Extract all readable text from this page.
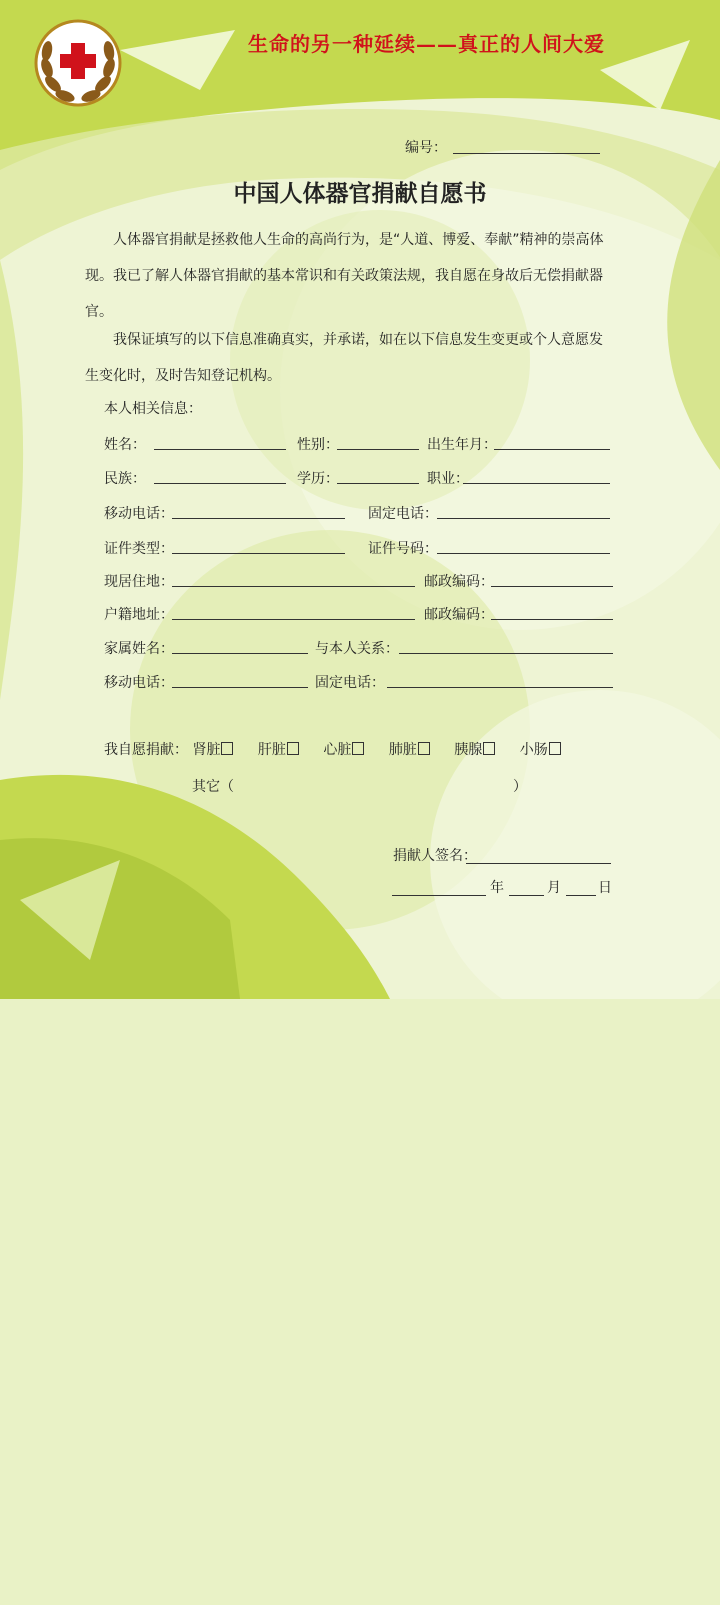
生命的另一种延续——真正的人间大爱
编号：
中国人体器官捐献自愿书
人体器官捐献是拯救他人生命的高尚行为，是“人道、博爱、奉献”精神的崇高体现。我已了解人体器官捐献的基本常识和有关政策法规，我自愿在身故后无偿捐献器官。
我保证填写的以下信息准确真实，并承诺，如在以下信息发生变更或个人意愿发生变化时，及时告知登记机构。
本人相关信息：
姓名：	性别：	出生年月：
民族：	学历：	职业：
移动电话：	固定电话：
证件类型：	证件号码：
现居住地：	邮政编码：
户籍地址：	邮政编码：
家属姓名：	与本人关系：
移动电话：	固定电话：
我自愿捐献： 肾脏	肝脏	心脏	肺脏	胰腺	小肠
其它（	）
捐献人签名：
年	月	日
